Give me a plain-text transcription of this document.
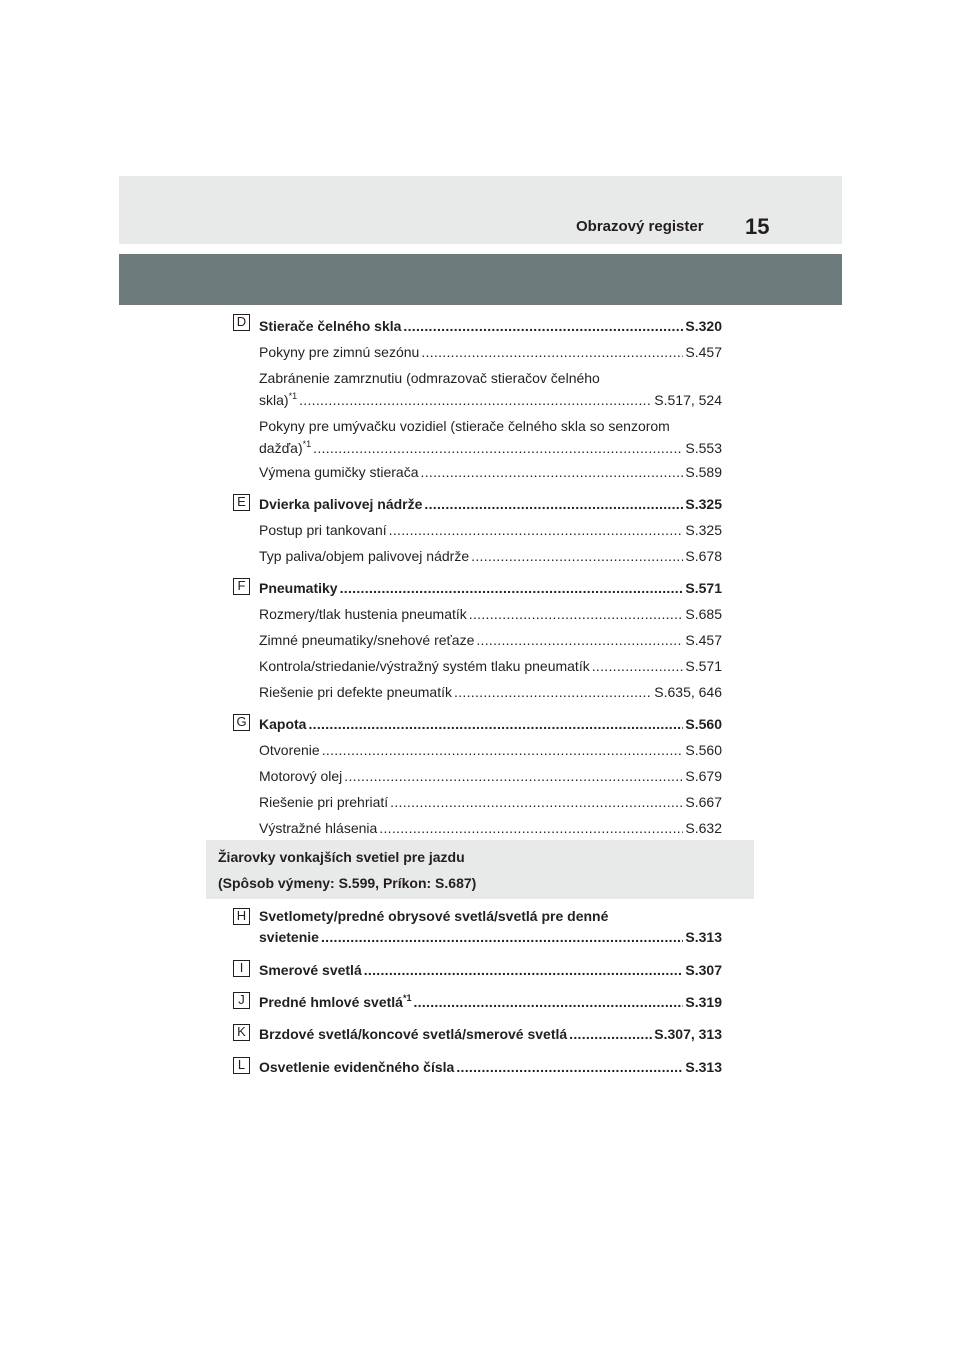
Obrazový register 15
D Stierače čelného skla .....	S.320
Pokyny pre zimnú sezónu .....	S.457
Zabránenie zamrznutiu (odmrazovač stieračov čelného
skla)$^{*1}$ .....	S.517, 524
Pokyny pre umývačku vozidiel (stierače čelného skla so senzorom
dažďa)$^{*1}$ .....	S.553
Výmena gumičky stierača .....	S.589
E Dvierka palivovej nádrže .....	S.325
Postup pri tankovaní .....	S.325
Typ paliva/objem palivovej nádrže .....	S.678
F Pneumatiky .....	S.571
Rozmery/tlak hustenia pneumatík .....	S.685
Zimné pneumatiky/snehové reťaze .....	S.457
Kontrola/striedanie/výstražný systém tlaku pneumatík .....	S.571
Riešenie pri defekte pneumatík .....	S.635, 646
G Kapota .....	S.560
Otvorenie .....	S.560
Motorový olej .....	S.679
Riešenie pri prehriatí .....	S.667
Výstražné hlásenia .....	S.632
Žiarovky vonkajších svetiel pre jazdu
(Spôsob výmeny: S.599, Príkon: S.687)
H Svetlomety/predné obrysové svetlá/svetlá pre denné
svietenie .....	S.313
I	Smerové svetlá .....	S.307
J	Predné hmlové svetlá$^{*1}$ .....	S.319
K Brzdové svetlá/koncové svetlá/smerové svetlá .....	S.307, 313
L Osvetlenie evidenčného čísla .....	S.313
